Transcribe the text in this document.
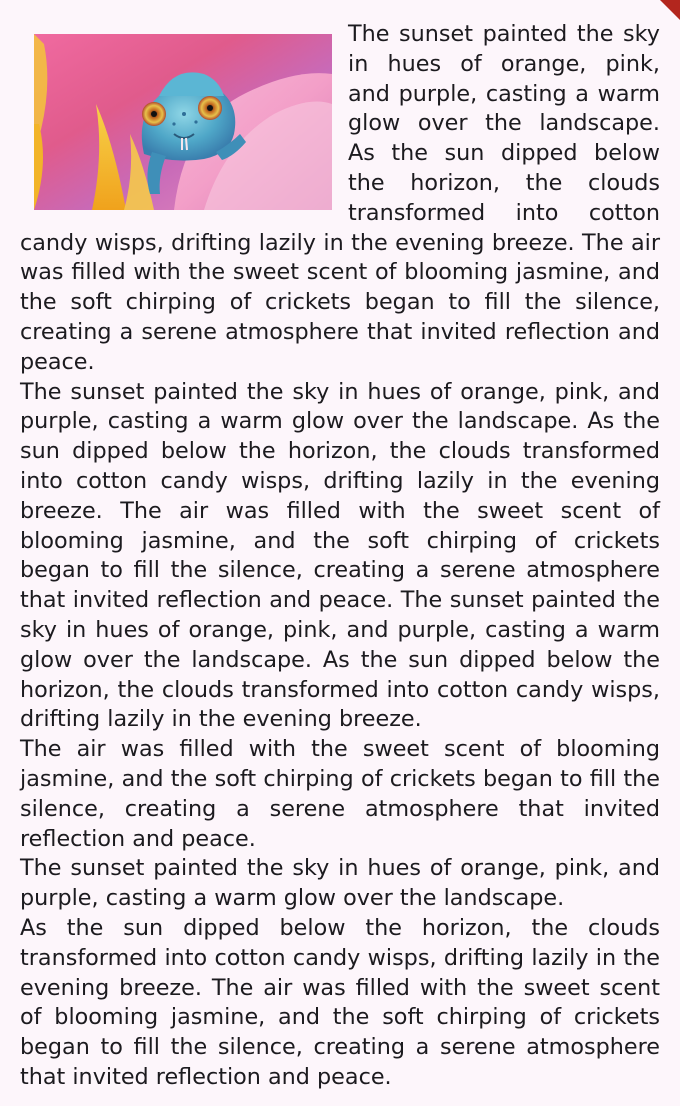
The sunset painted the sky in hues of orange, pink, and purple, casting a warm glow over the landscape. As the sun dipped below the horizon, the clouds transformed into cotton candy wisps, drifting lazily in the evening breeze. The air was filled with the sweet scent of blooming jasmine, and the soft chirping of crickets began to fill the silence, creating a serene atmosphere that invited reflection and peace.

The sunset painted the sky in hues of orange, pink, and purple, casting a warm glow over the landscape. As the sun dipped below the horizon, the clouds transformed into cotton candy wisps, drifting lazily in the evening breeze. The air was filled with the sweet scent of blooming jasmine, and the soft chirping of crickets began to fill the silence, creating a serene atmosphere that invited reflection and peace. The sunset painted the sky in hues of orange, pink, and purple, casting a warm glow over the landscape. As the sun dipped below the horizon, the clouds transformed into cotton candy wisps, drifting lazily in the evening breeze.

The air was filled with the sweet scent of blooming jasmine, and the soft chirping of crickets began to fill the silence, creating a serene atmosphere that invited reflection and peace.

The sunset painted the sky in hues of orange, pink, and purple, casting a warm glow over the landscape.

As the sun dipped below the horizon, the clouds transformed into cotton candy wisps, drifting lazily in the evening breeze. The air was filled with the sweet scent of blooming jasmine, and the soft chirping of crickets began to fill the silence, creating a serene atmosphere that invited reflection and peace.
